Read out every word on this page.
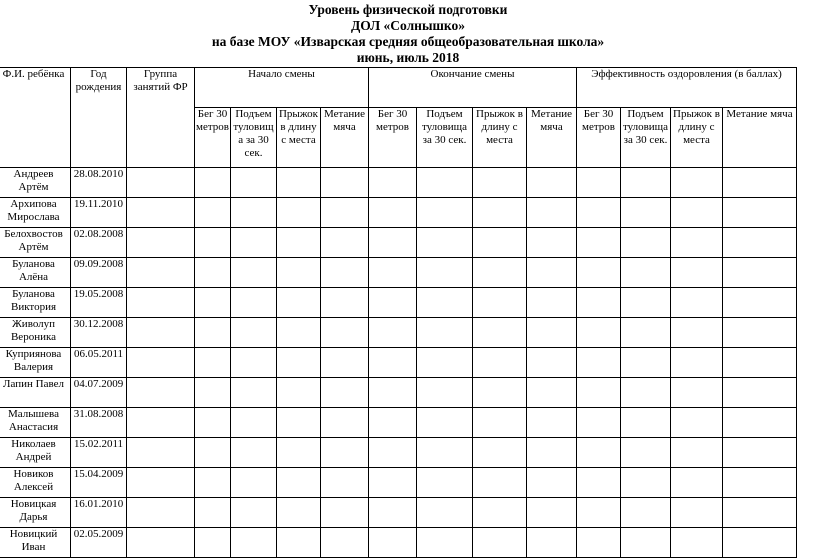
Уровень физической подготовки
ДОЛ «Солнышко»
на базе МОУ «Изварская средняя общеобразовательная школа»
июнь, июль 2018
Ф.И. ребёнка	Год рождения	Группа занятий ФР	Начало смены				Окончание смены				Эффективность оздоровления (в баллах)			
			Бег 30 метров	Подъем туловищ а за 30 сек.	Прыжок в длину с места	Метание мяча	Бег 30 метров	Подъем туловища за 30 сек.	Прыжок в длину с места	Метание мяча	Бег 30 метров	Подъем туловища за 30 сек.	Прыжок в длину с места	Метание мяча
Андреев Артём	28.08.2010													
Архипова Мирослава	19.11.2010													
Белохвостов Артём	02.08.2008													
Буланова Алёна	09.09.2008													
Буланова Виктория	19.05.2008													
Живолуп Вероника	30.12.2008													
Куприянова Валерия	06.05.2011													
Лапин Павел	04.07.2009													
Малышева Анастасия	31.08.2008													
Николаев Андрей	15.02.2011													
Новиков Алексей	15.04.2009													
Новицкая Дарья	16.01.2010													
Новицкий Иван	02.05.2009													
